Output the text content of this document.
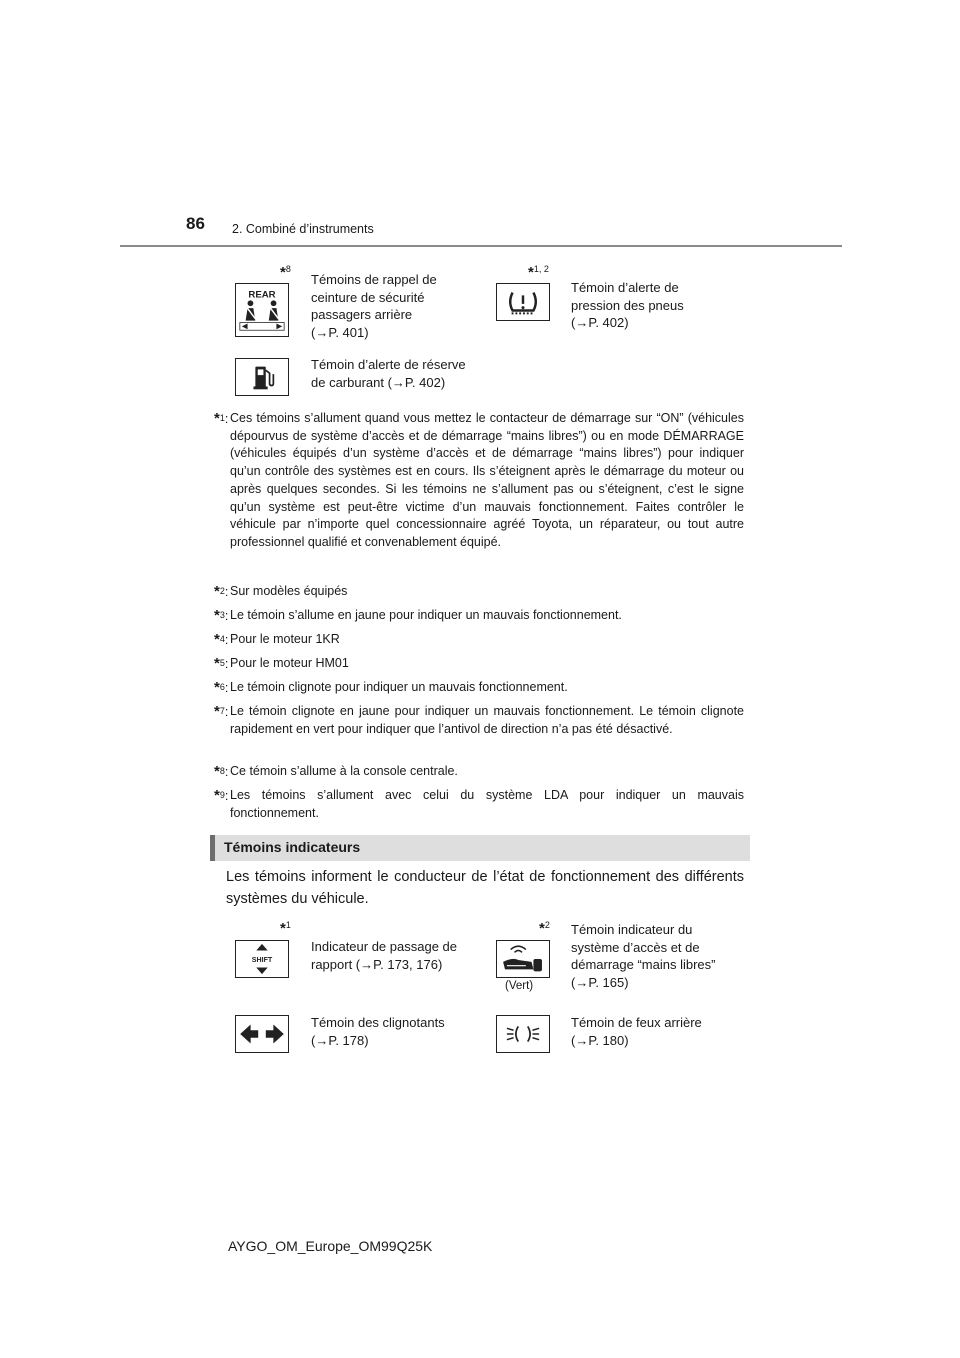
86 2. Combiné d’instruments
*$^8$
REAR
Témoins de rappel de
ceinture de sécurité
passagers arrière
(→P. 401)
*$^{1, 2}$
Témoin d’alerte de
pression des pneus
(→P. 402)
Témoin d’alerte de réserve
de carburant (→P. 402)
*$^1$: Ces témoins s’allument quand vous mettez le contacteur de démarrage sur “ON” (véhicules dépourvus de système d’accès et de démarrage “mains libres”) ou en mode DÉMARRAGE (véhicules équipés d’un système d’accès et de démarrage “mains libres”) pour indiquer qu’un contrôle des systèmes est en cours. Ils s’éteignent après le démarrage du moteur ou après quelques secondes. Si les témoins ne s’allument pas ou s’éteignent, c’est le signe qu’un système est peut-être victime d’un mauvais fonctionnement. Faites contrôler le véhicule par n’importe quel concessionnaire agréé Toyota, un réparateur, ou tout autre professionnel qualifié et convenablement équipé.
*$^2$: Sur modèles équipés
*$^3$: Le témoin s’allume en jaune pour indiquer un mauvais fonctionnement.
*$^4$: Pour le moteur 1KR
*$^5$: Pour le moteur HM01
*$^6$: Le témoin clignote pour indiquer un mauvais fonctionnement.
*$^7$: Le témoin clignote en jaune pour indiquer un mauvais fonctionnement. Le témoin clignote rapidement en vert pour indiquer que l’antivol de direction n’a pas été désactivé.
*$^8$: Ce témoin s’allume à la console centrale.
*$^9$: Les témoins s’allument avec celui du système LDA pour indiquer un mauvais fonctionnement.
Témoins indicateurs
Les témoins informent le conducteur de l’état de fonctionnement des différents systèmes du véhicule.
*$^1$
SHIFT
Indicateur de passage de
rapport (→P. 173, 176)
*$^2$
(Vert)
Témoin indicateur du
système d’accès et de
démarrage “mains libres”
(→P. 165)
Témoin des clignotants
(→P. 178)
Témoin de feux arrière
(→P. 180)
AYGO_OM_Europe_OM99Q25K
